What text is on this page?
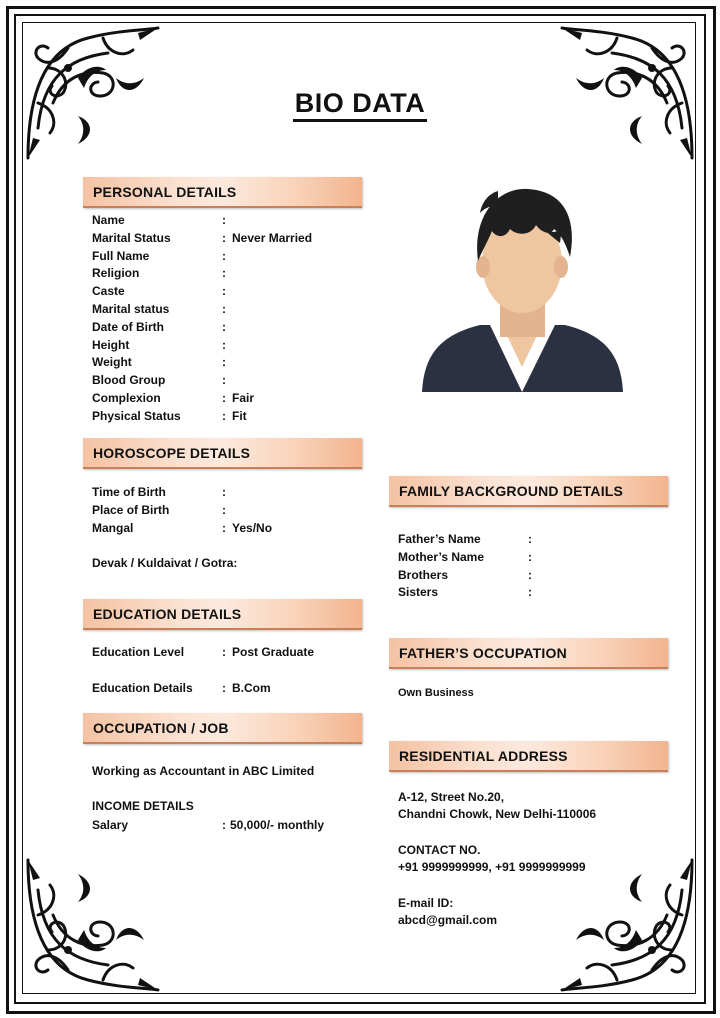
BIO DATA
PERSONAL DETAILS
Name	:
Marital Status	: Never Married
Full Name	:
Religion	:
Caste	:
Marital status	:
Date of Birth	:
Height	:
Weight	:
Blood Group	:
Complexion	: Fair
Physical Status	: Fit
HOROSCOPE DETAILS
Time of Birth	:
Place of Birth	:
Mangal	: Yes/No
Devak / Kuldaivat / Gotra:
EDUCATION DETAILS
Education Level	: Post Graduate
Education Details : B.Com
OCCUPATION / JOB
Working as Accountant in ABC Limited
INCOME DETAILS
Salary	: 50,000/- monthly
FAMILY BACKGROUND DETAILS
Father’s Name	:
Mother’s Name	:
Brothers	:
Sisters	:
FATHER’S OCCUPATION
Own Business
RESIDENTIAL ADDRESS
A-12, Street No.20,
Chandni Chowk, New Delhi-110006
CONTACT NO.
+91 9999999999, +91 9999999999
E-mail ID:
abcd@gmail.com
